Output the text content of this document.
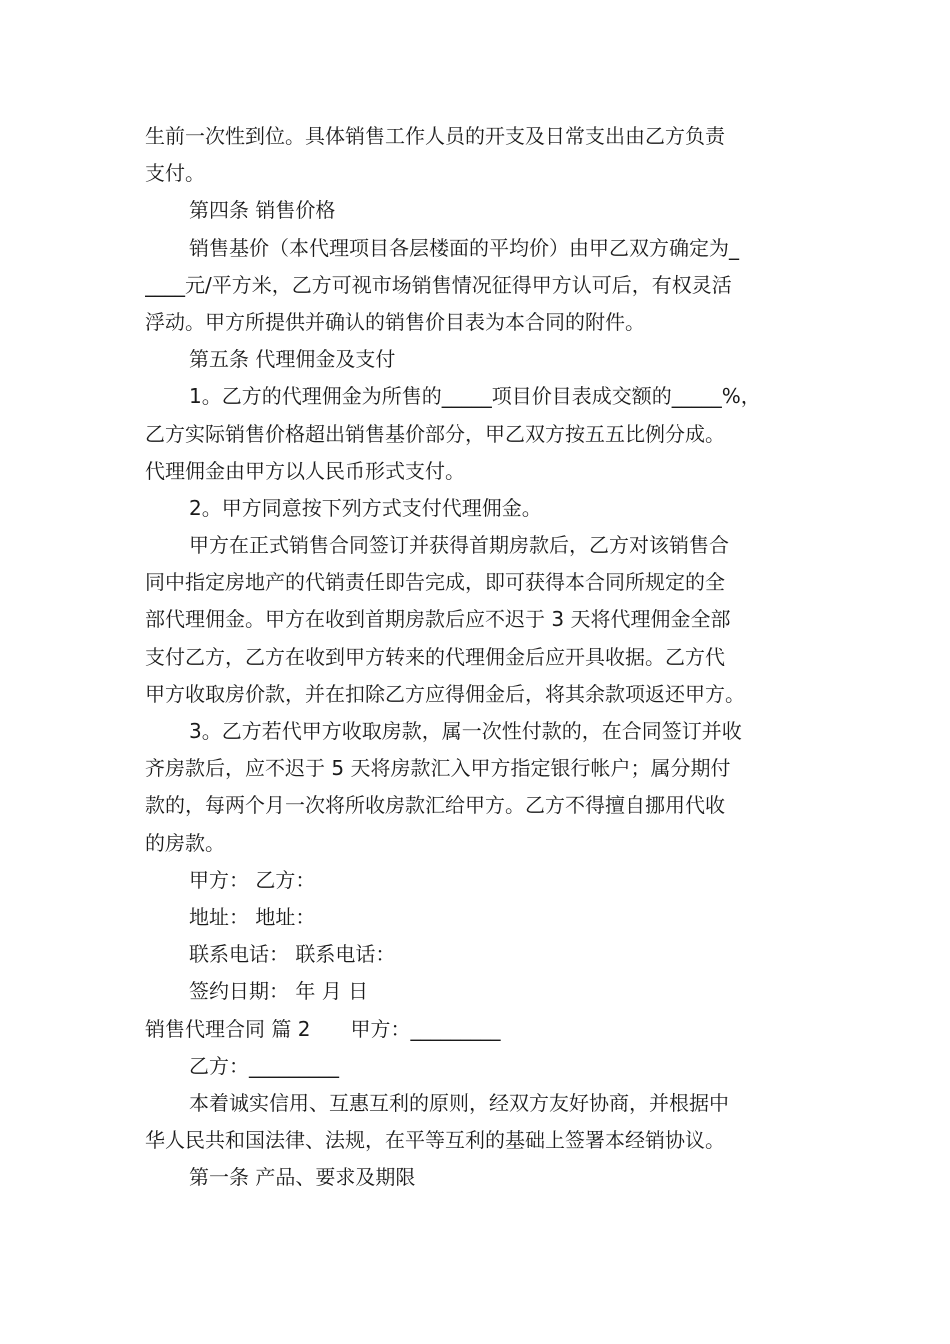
生前一次性到位。具体销售工作人员的开支及日常支出由乙方负责
支付。
第四条 销售价格
销售基价（本代理项目各层楼面的平均价）由甲乙双方确定为_
____元/平方米，乙方可视市场销售情况征得甲方认可后，有权灵活
浮动。甲方所提供并确认的销售价目表为本合同的附件。
第五条 代理佣金及支付
1。乙方的代理佣金为所售的_____项目价目表成交额的_____%，
乙方实际销售价格超出销售基价部分，甲乙双方按五五比例分成。
代理佣金由甲方以人民币形式支付。
2。甲方同意按下列方式支付代理佣金。
甲方在正式销售合同签订并获得首期房款后，乙方对该销售合
同中指定房地产的代销责任即告完成，即可获得本合同所规定的全
部代理佣金。甲方在收到首期房款后应不迟于 3 天将代理佣金全部
支付乙方，乙方在收到甲方转来的代理佣金后应开具收据。乙方代
甲方收取房价款，并在扣除乙方应得佣金后，将其余款项返还甲方。
3。乙方若代甲方收取房款，属一次性付款的，在合同签订并收
齐房款后，应不迟于 5 天将房款汇入甲方指定银行帐户；属分期付
款的，每两个月一次将所收房款汇给甲方。乙方不得擅自挪用代收
的房款。
甲方： 乙方：
地址： 地址：
联系电话： 联系电话：
签约日期： 年 月 日
销售代理合同 篇 2 甲方：_________
乙方：_________
本着诚实信用、互惠互利的原则，经双方友好协商，并根据中
华人民共和国法律、法规，在平等互利的基础上签署本经销协议。
第一条 产品、要求及期限
